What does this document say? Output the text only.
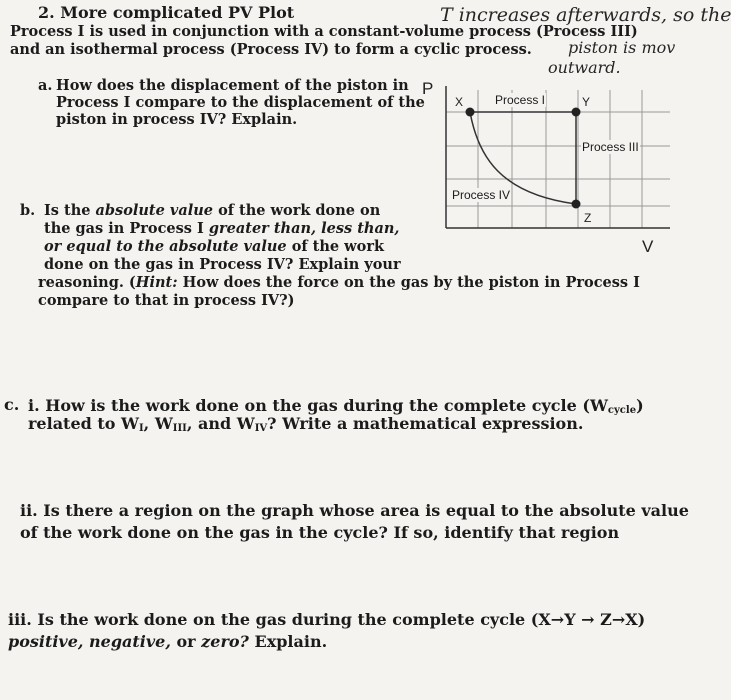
2. More complicated PV Plot
Process I is used in conjunction with a constant-volume process (Process III)
and an isothermal process (Process IV) to form a cyclic process.
T increases afterwards, so the
piston is mov
outward.
a. How does the displacement of the piston in
Process I compare to the displacement of the
piston in process IV? Explain.
P
X	Y
Z
V
Process I
Process III
Process IV
b. Is the absolute value of the work done on
the gas in Process I greater than, less than,
or equal to the absolute value of the work
done on the gas in Process IV? Explain your
reasoning. (Hint: How does the force on the gas by the piston in Process I
compare to that in process IV?)
c. i. How is the work done on the gas during the complete cycle $(W_{cycle})$
related to $W_I$, $W_{III}$, and $W_{IV}$? Write a mathematical expression.
ii. Is there a region on the graph whose area is equal to the absolute value
of the work done on the gas in the cycle? If so, identify that region
iii. Is the work done on the gas during the complete cycle (X→Y → Z→X)
positive, negative, or zero? Explain.
